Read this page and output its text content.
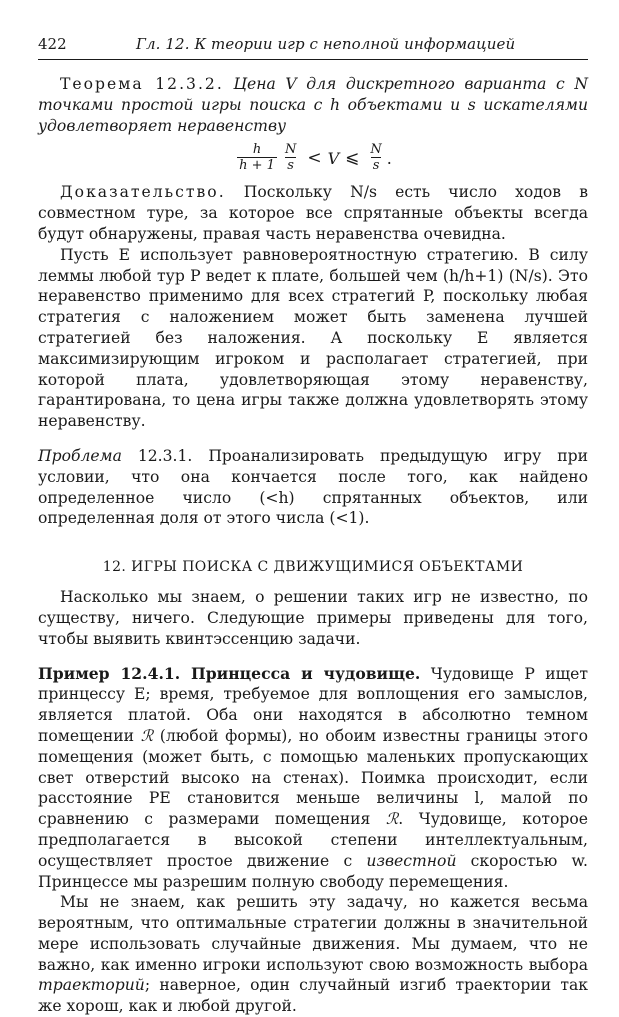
422	Гл. 12. К теории игр с неполной информацией

Теорема 12.3.2. Цена V для дискретного варианта с N точками простой игры поиска с h объектами и s искателями удовлетворяет неравенству

$\frac{h}{h + 1} \frac{N}{s} < V$ ⩽ $\frac{N}{s}$ .

Доказательство. Поскольку N/s есть число ходов в совместном туре, за которое все спрятанные объекты всегда будут обнаружены, правая часть неравенства очевидна.

Пусть E использует равновероятностную стратегию. В силу леммы любой тур P ведет к плате, большей чем (h/h+1) (N/s). Это неравенство применимо для всех стратегий P, поскольку любая стратегия с наложением может быть заменена лучшей стратегией без наложения. А поскольку E является максимизирующим игроком и располагает стратегией, при которой плата, удовлетворяющая этому неравенству, гарантирована, то цена игры также должна удовлетворять этому неравенству.

Проблема 12.3.1. Проанализировать предыдущую игру при условии, что она кончается после того, как найдено определенное число (<h) спрятанных объектов, или определенная доля от этого числа (<1).

12. ИГРЫ ПОИСКА С ДВИЖУЩИМИСЯ ОБЪЕКТАМИ

Насколько мы знаем, о решении таких игр не известно, по существу, ничего. Следующие примеры приведены для того, чтобы выявить квинтэссенцию задачи.

Пример 12.4.1. Принцесса и чудовище. Чудовище P ищет принцессу E; время, требуемое для воплощения его замыслов, является платой. Оба они находятся в абсолютно темном помещении ℛ (любой формы), но обоим известны границы этого помещения (может быть, с помощью маленьких пропускающих свет отверстий высоко на стенах). Поимка происходит, если расстояние PE становится меньше величины l, малой по сравнению с размерами помещения ℛ. Чудовище, которое предполагается в высокой степени интеллектуальным, осуществляет простое движение с известной скоростью w. Принцессе мы разрешим полную свободу перемещения.

Мы не знаем, как решить эту задачу, но кажется весьма вероятным, что оптимальные стратегии должны в значительной мере использовать случайные движения. Мы думаем, что не важно, как именно игроки используют свою возможность выбора траекторий; наверное, один случайный изгиб траектории так же хорош, как и любой другой.
